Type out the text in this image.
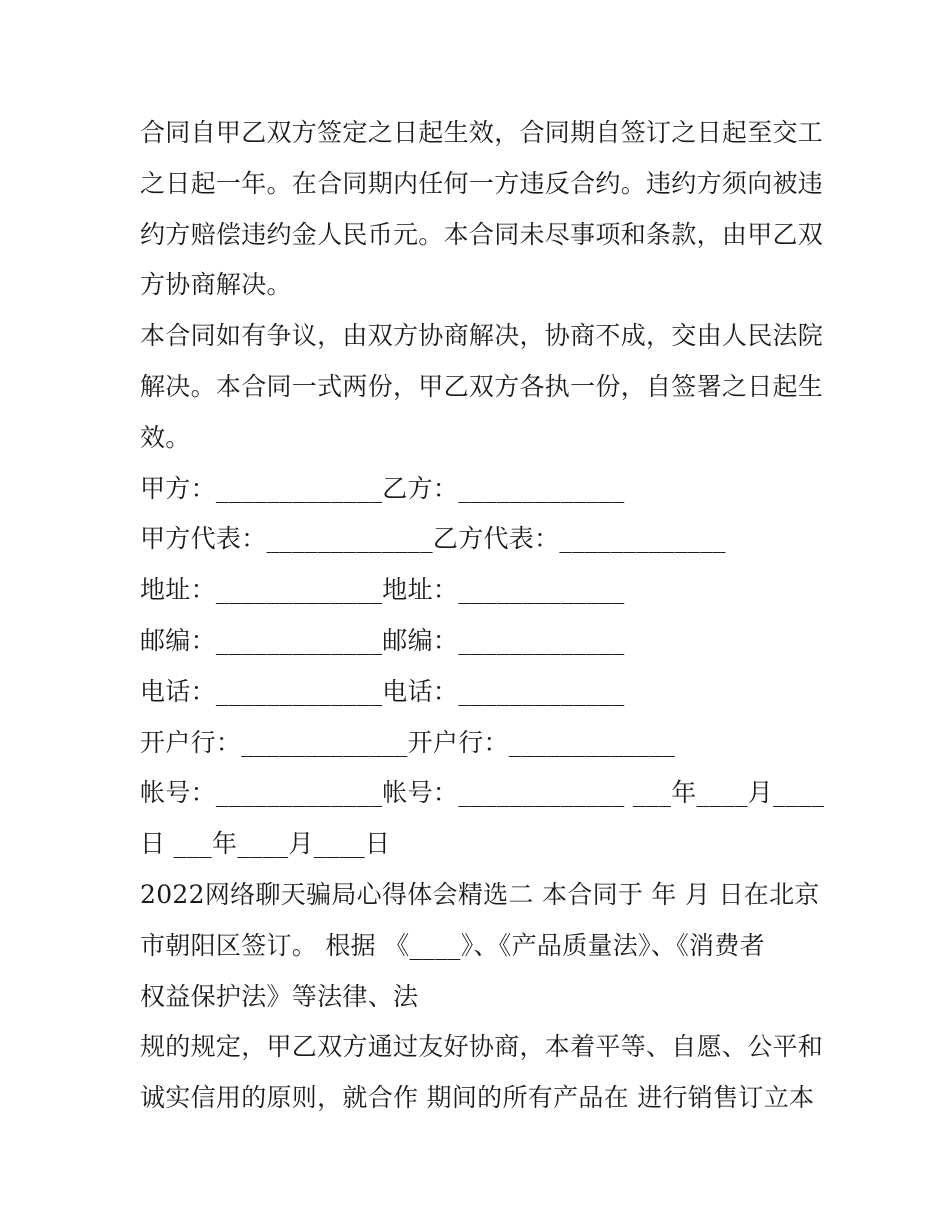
合同自甲乙双方签定之日起生效，合同期自签订之日起至交工
之日起一年。在合同期内任何一方违反合约。违约方须向被违
约方赔偿违约金人民币元。本合同未尽事项和条款，由甲乙双
方协商解决。
本合同如有争议，由双方协商解决，协商不成，交由人民法院
解决。本合同一式两份，甲乙双方各执一份，自签署之日起生
效。
甲方：_____________乙方：_____________
甲方代表：_____________乙方代表：_____________
地址：_____________地址：_____________
邮编：_____________邮编：_____________
电话：_____________电话：_____________
开户行：_____________开户行：_____________
帐号：_____________帐号：_____________ ___年____月____
日 ___年____月____日
2022网络聊天骗局心得体会精选二 本合同于 年 月 日在北京
市朝阳区签订。 根据 《____》、《产品质量法》、《消费者
权益保护法》等法律、法
规的规定，甲乙双方通过友好协商，本着平等、自愿、公平和
诚实信用的原则，就合作 期间的所有产品在 进行销售订立本
